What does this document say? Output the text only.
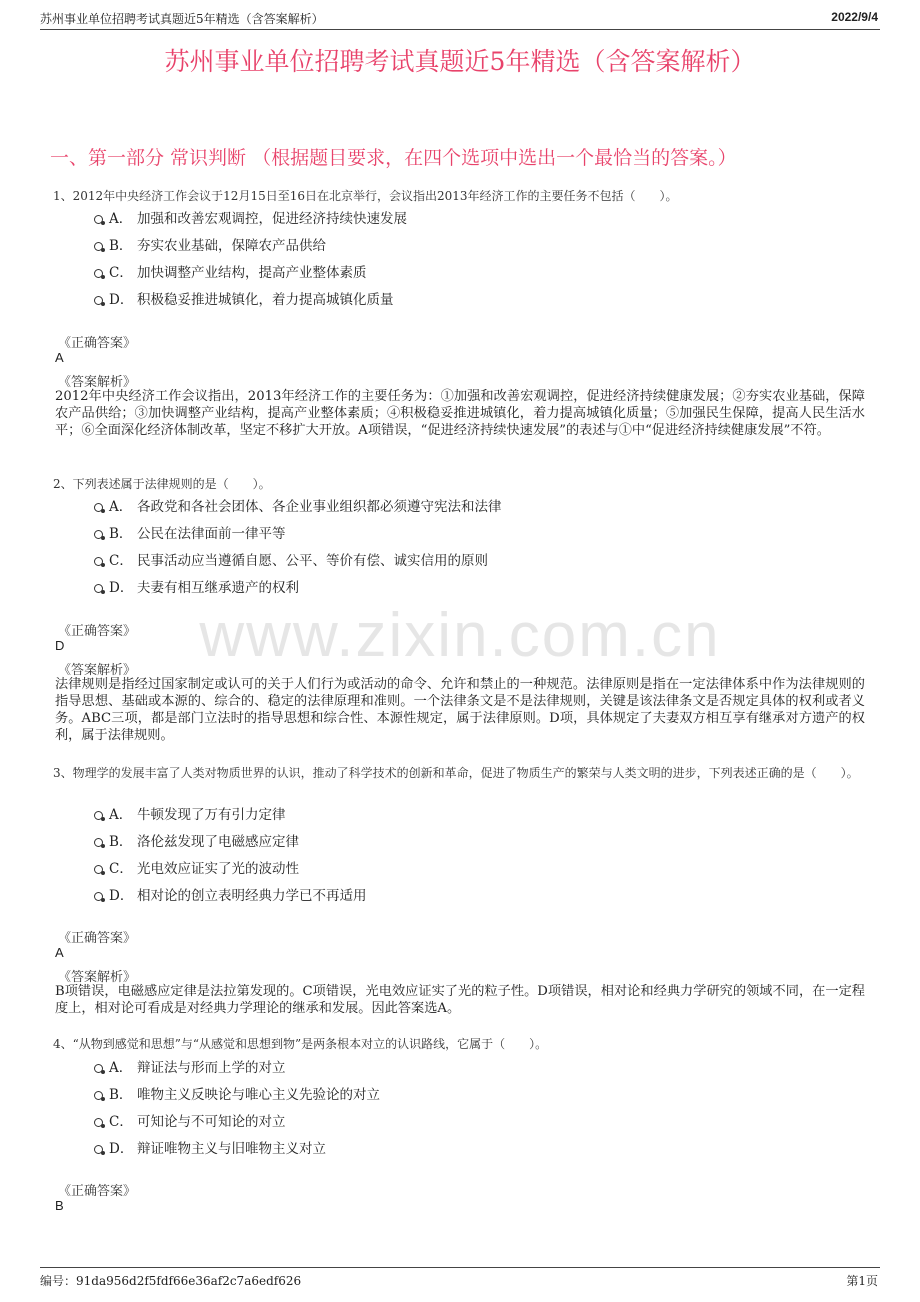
苏州事业单位招聘考试真题近5年精选（含答案解析）	2022/9/4
www.zixin.com.cn
苏州事业单位招聘考试真题近5年精选（含答案解析）
一、第一部分 常识判断 （根据题目要求，在四个选项中选出一个最恰当的答案。）
1、2012年中央经济工作会议于12月15日至16日在北京举行，会议指出2013年经济工作的主要任务不包括（　　）。
A． 加强和改善宏观调控，促进经济持续快速发展
B． 夯实农业基础，保障农产品供给
C． 加快调整产业结构，提高产业整体素质
D． 积极稳妥推进城镇化，着力提高城镇化质量
《正确答案》
A
《答案解析》
2012年中央经济工作会议指出，2013年经济工作的主要任务为：①加强和改善宏观调控，促进经济持续健康发展；②夯实农业基础，保障农产品供给；③加快调整产业结构，提高产业整体素质；④积极稳妥推进城镇化，着力提高城镇化质量；⑤加强民生保障，提高人民生活水平；⑥全面深化经济体制改革，坚定不移扩大开放。A项错误，“促进经济持续快速发展”的表述与①中“促进经济持续健康发展”不符。
2、下列表述属于法律规则的是（　　）。
A． 各政党和各社会团体、各企业事业组织都必须遵守宪法和法律
B． 公民在法律面前一律平等
C． 民事活动应当遵循自愿、公平、等价有偿、诚实信用的原则
D． 夫妻有相互继承遗产的权利
《正确答案》
D
《答案解析》
法律规则是指经过国家制定或认可的关于人们行为或活动的命令、允许和禁止的一种规范。法律原则是指在一定法律体系中作为法律规则的指导思想、基础或本源的、综合的、稳定的法律原理和准则。一个法律条文是不是法律规则，关键是该法律条文是否规定具体的权利或者义务。ABC三项，都是部门立法时的指导思想和综合性、本源性规定，属于法律原则。D项，具体规定了夫妻双方相互享有继承对方遗产的权利，属于法律规则。
3、物理学的发展丰富了人类对物质世界的认识，推动了科学技术的创新和革命，促进了物质生产的繁荣与人类文明的进步，下列表述正确的是（　　）。
A． 牛顿发现了万有引力定律
B． 洛伦兹发现了电磁感应定律
C． 光电效应证实了光的波动性
D． 相对论的创立表明经典力学已不再适用
《正确答案》
A
《答案解析》
B项错误，电磁感应定律是法拉第发现的。C项错误，光电效应证实了光的粒子性。D项错误，相对论和经典力学研究的领域不同，在一定程度上，相对论可看成是对经典力学理论的继承和发展。因此答案选A。
4、“从物到感觉和思想”与“从感觉和思想到物”是两条根本对立的认识路线，它属于（　　）。
A． 辩证法与形而上学的对立
B． 唯物主义反映论与唯心主义先验论的对立
C． 可知论与不可知论的对立
D． 辩证唯物主义与旧唯物主义对立
《正确答案》
B
编号：91da956d2f5fdf66e36af2c7a6edf626	第1页
